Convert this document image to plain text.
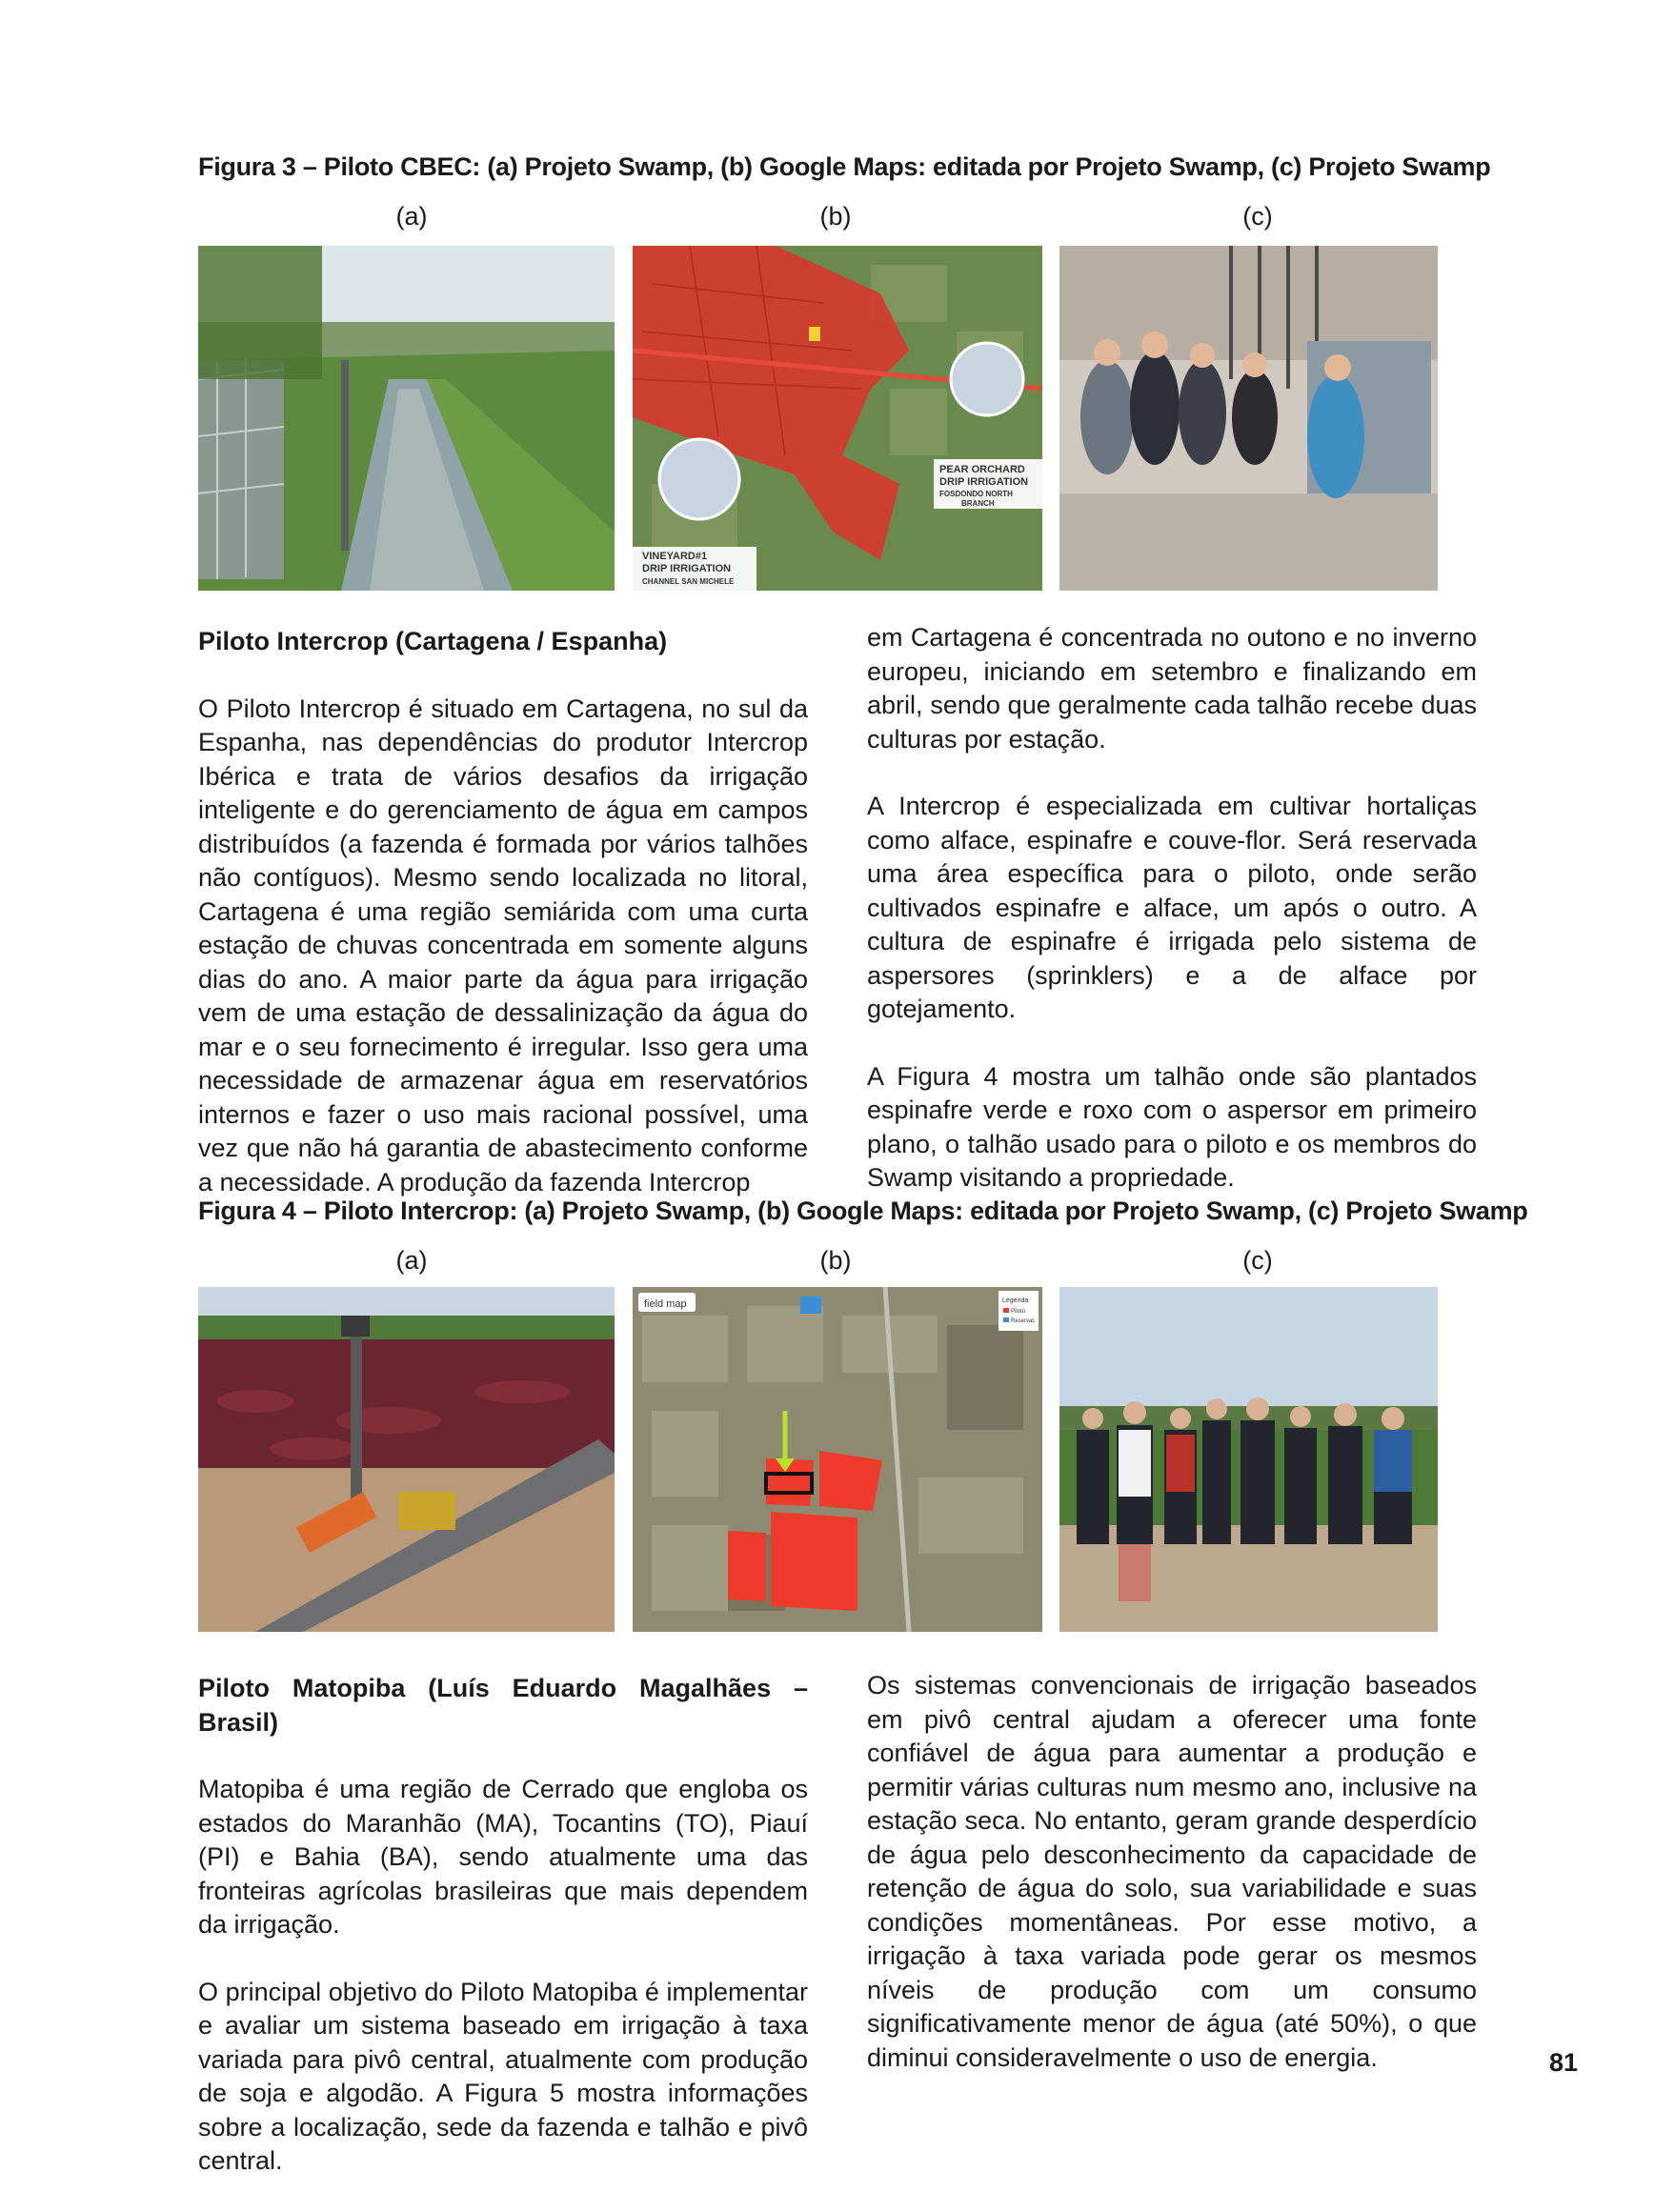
Figura 3 – Piloto CBEC: (a) Projeto Swamp, (b) Google Maps: editada por Projeto Swamp, (c) Projeto Swamp
(a)	(b)	(c)
PEAR ORCHARD
DRIP IRRIGATION
FOSDONDO NORTH
BRANCH
VINEYARD#1
DRIP IRRIGATION
CHANNEL SAN MICHELE
Piloto Intercrop (Cartagena / Espanha)

O Piloto Intercrop é situado em Cartagena, no sul da Espanha, nas dependências do produtor Intercrop Ibérica e trata de vários desafios da irrigação inteligente e do gerenciamento de água em campos distribuídos (a fazenda é formada por vários talhões não contíguos). Mesmo sendo localizada no litoral, Cartagena é uma região semiárida com uma curta estação de chuvas concentrada em somente alguns dias do ano. A maior parte da água para irrigação vem de uma estação de dessalinização da água do mar e o seu fornecimento é irregular. Isso gera uma necessidade de armazenar água em reservatórios internos e fazer o uso mais racional possível, uma vez que não há garantia de abastecimento conforme a necessidade. A produção da fazenda Intercrop

em Cartagena é concentrada no outono e no inverno europeu, iniciando em setembro e finalizando em abril, sendo que geralmente cada talhão recebe duas culturas por estação.

A Intercrop é especializada em cultivar hortaliças como alface, espinafre e couve-flor. Será reservada uma área específica para o piloto, onde serão cultivados espinafre e alface, um após o outro. A cultura de espinafre é irrigada pelo sistema de aspersores (sprinklers) e a de alface por gotejamento.

A Figura 4 mostra um talhão onde são plantados espinafre verde e roxo com o aspersor em primeiro plano, o talhão usado para o piloto e os membros do Swamp visitando a propriedade.

Figura 4 – Piloto Intercrop: (a) Projeto Swamp, (b) Google Maps: editada por Projeto Swamp, (c) Projeto Swamp
(a)	(b)	(c)
field map	Legenda
Piloto
Reservat.
Piloto Matopiba (Luís Eduardo Magalhães – Brasil)

Matopiba é uma região de Cerrado que engloba os estados do Maranhão (MA), Tocantins (TO), Piauí (PI) e Bahia (BA), sendo atualmente uma das fronteiras agrícolas brasileiras que mais dependem da irrigação.

O principal objetivo do Piloto Matopiba é implementar e avaliar um sistema baseado em irrigação à taxa variada para pivô central, atualmente com produção de soja e algodão. A Figura 5 mostra informações sobre a localização, sede da fazenda e talhão e pivô central.

Os sistemas convencionais de irrigação baseados em pivô central ajudam a oferecer uma fonte confiável de água para aumentar a produção e permitir várias culturas num mesmo ano, inclusive na estação seca. No entanto, geram grande desperdício de água pelo desconhecimento da capacidade de retenção de água do solo, sua variabilidade e suas condições momentâneas. Por esse motivo, a irrigação à taxa variada pode gerar os mesmos níveis de produção com um consumo significativamente menor de água (até 50%), o que diminui consideravelmente o uso de energia.	81
